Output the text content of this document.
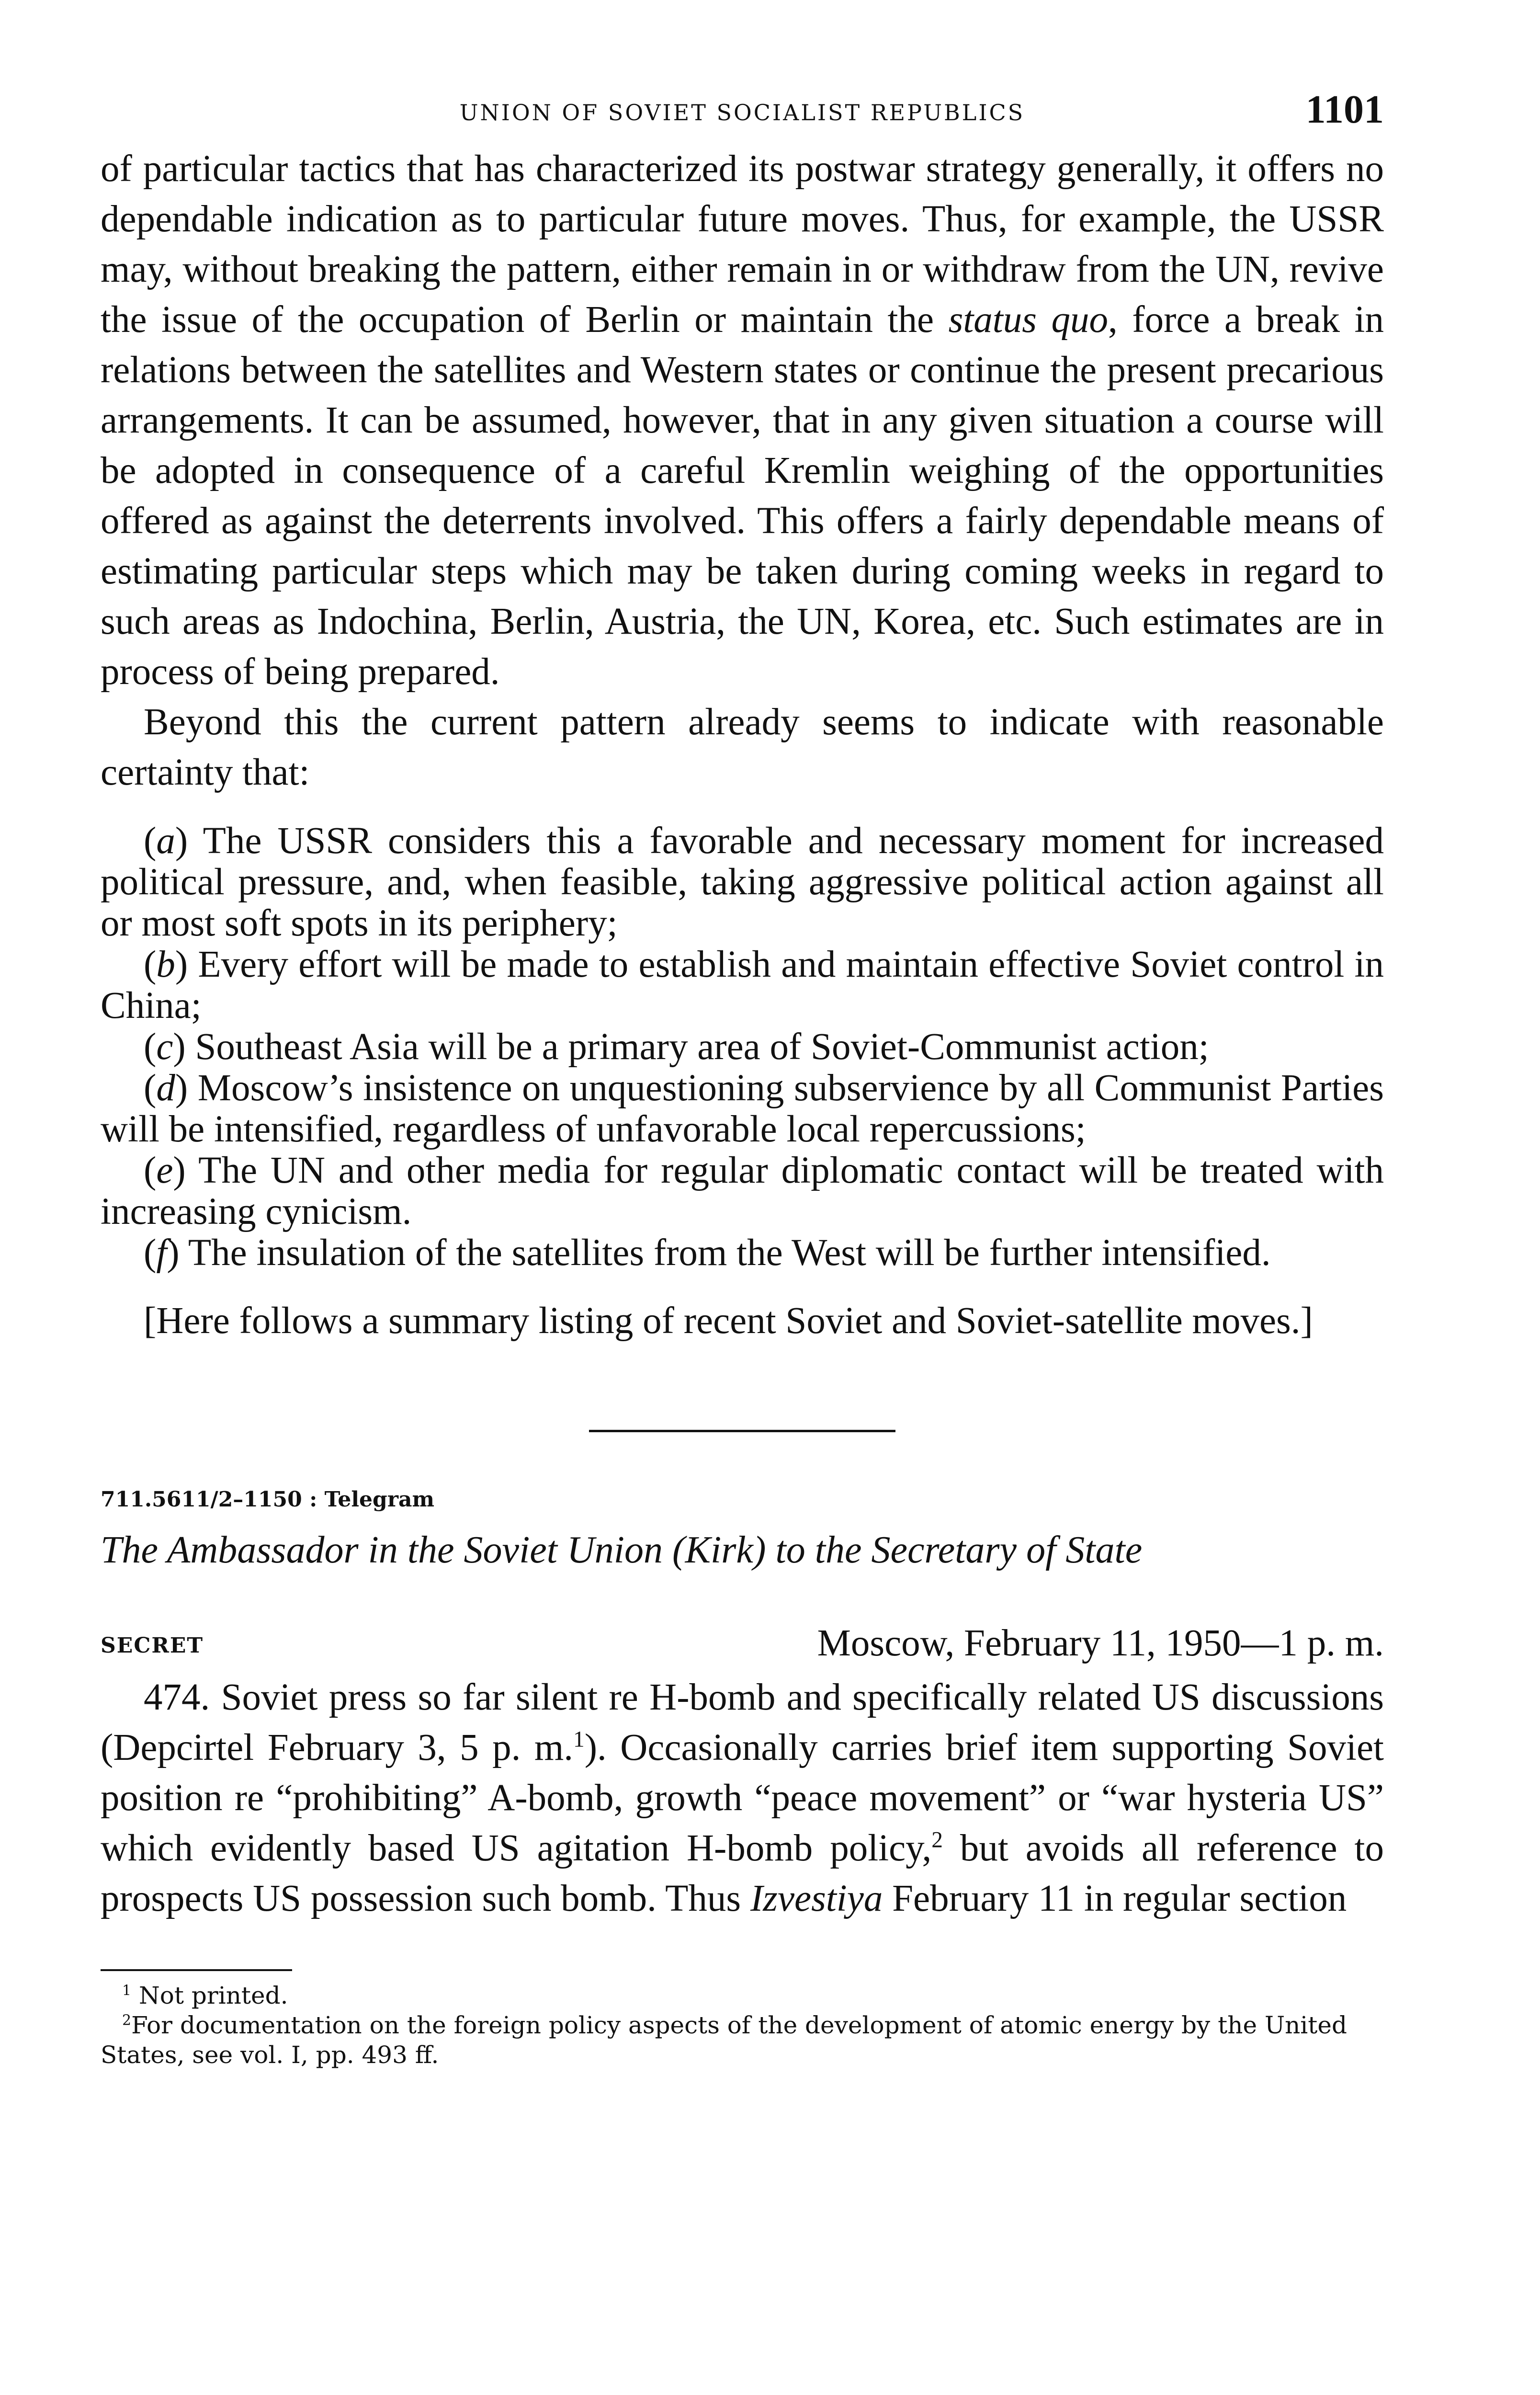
UNION OF SOVIET SOCIALIST REPUBLICS	1101

of particular tactics that has characterized its postwar strategy generally, it offers no dependable indication as to particular future moves. Thus, for example, the USSR may, without breaking the pattern, either remain in or withdraw from the UN, revive the issue of the occupation of Berlin or maintain the status quo, force a break in relations between the satellites and Western states or continue the present precarious arrangements. It can be assumed, however, that in any given situation a course will be adopted in consequence of a careful Kremlin weighing of the opportunities offered as against the deterrents involved. This offers a fairly dependable means of estimating particular steps which may be taken during coming weeks in regard to such areas as Indochina, Berlin, Austria, the UN, Korea, etc. Such estimates are in process of being prepared.

Beyond this the current pattern already seems to indicate with reasonable certainty that:

(a) The USSR considers this a favorable and necessary moment for increased political pressure, and, when feasible, taking aggressive political action against all or most soft spots in its periphery;

(b) Every effort will be made to establish and maintain effective Soviet control in China;

(c) Southeast Asia will be a primary area of Soviet-Communist action;

(d) Moscow’s insistence on unquestioning subservience by all Communist Parties will be intensified, regardless of unfavorable local repercussions;

(e) The UN and other media for regular diplomatic contact will be treated with increasing cynicism.

(f) The insulation of the satellites from the West will be further intensified.

[Here follows a summary listing of recent Soviet and Soviet-satellite moves.]

711.5611/2–1150 : Telegram
The Ambassador in the Soviet Union (Kirk) to the Secretary of State
SECRET	Moscow, February 11, 1950—1 p. m.

474. Soviet press so far silent re H-bomb and specifically related US discussions (Depcirtel February 3, 5 p. m.$^1$). Occasionally carries brief item supporting Soviet position re “prohibiting” A-bomb, growth “peace movement” or “war hysteria US” which evidently based US agitation H-bomb policy,$^2$ but avoids all reference to prospects US possession such bomb. Thus Izvestiya February 11 in regular section

$^1$ Not printed.

$^2$For documentation on the foreign policy aspects of the development of atomic energy by the United States, see vol. I, pp. 493 ff.
